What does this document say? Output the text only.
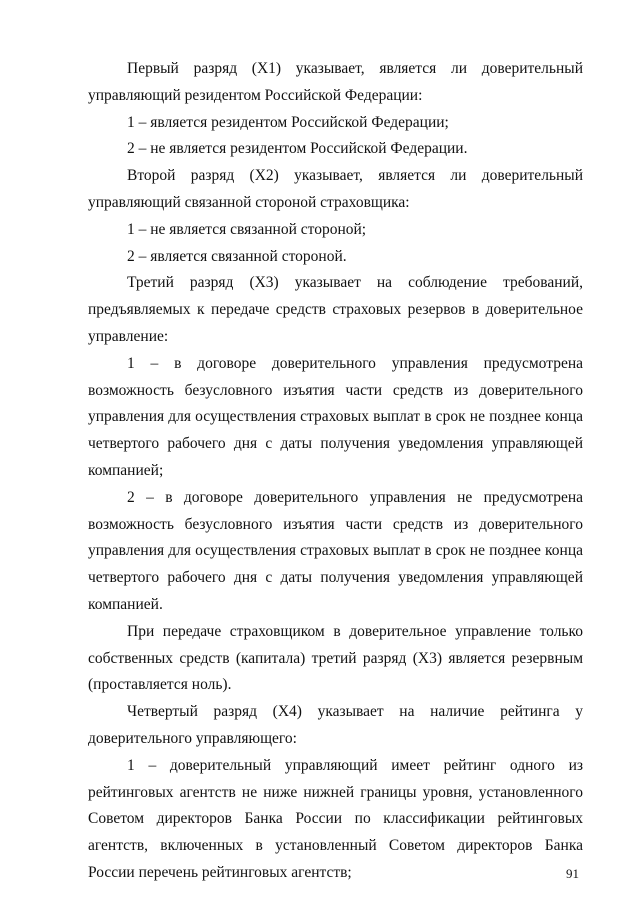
Первый разряд (X1) указывает, является ли доверительный управляющий резидентом Российской Федерации:

1 – является резидентом Российской Федерации;

2 – не является резидентом Российской Федерации.

Второй разряд (X2) указывает, является ли доверительный управляющий связанной стороной страховщика:

1 – не является связанной стороной;

2 – является связанной стороной.

Третий разряд (X3) указывает на соблюдение требований, предъявляемых к передаче средств страховых резервов в доверительное управление:

1 – в договоре доверительного управления предусмотрена возможность безусловного изъятия части средств из доверительного управления для осуществления страховых выплат в срок не позднее конца четвертого рабочего дня с даты получения уведомления управляющей компанией;

2 – в договоре доверительного управления не предусмотрена возможность безусловного изъятия части средств из доверительного управления для осуществления страховых выплат в срок не позднее конца четвертого рабочего дня с даты получения уведомления управляющей компанией.

При передаче страховщиком в доверительное управление только собственных средств (капитала) третий разряд (X3) является резервным (проставляется ноль).

Четвертый разряд (X4) указывает на наличие рейтинга у доверительного управляющего:

1 – доверительный управляющий имеет рейтинг одного из рейтинговых агентств не ниже нижней границы уровня, установленного Советом директоров Банка России по классификации рейтинговых агентств, включенных в установленный Советом директоров Банка России перечень рейтинговых агентств;	91
